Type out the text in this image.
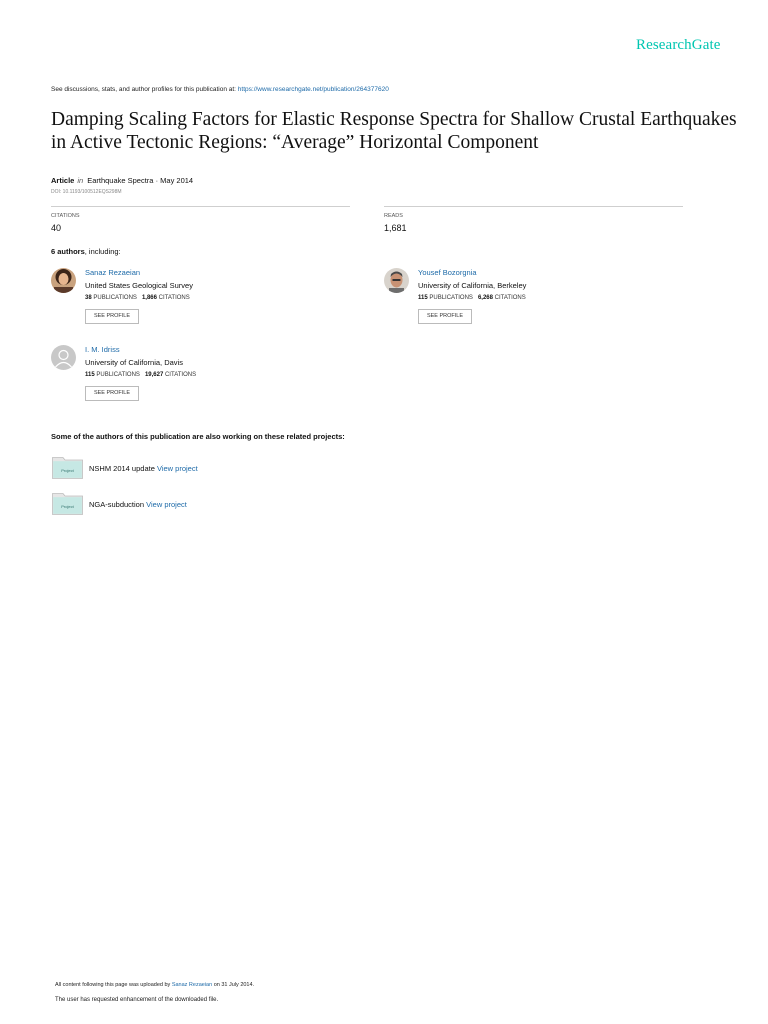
ResearchGate
See discussions, stats, and author profiles for this publication at: https://www.researchgate.net/publication/264377620
Damping Scaling Factors for Elastic Response Spectra for Shallow Crustal Earthquakes in Active Tectonic Regions: “Average” Horizontal Component
Article in Earthquake Spectra · May 2014
DOI: 10.1193/100512EQS298M
CITATIONS
40
READS
1,681
6 authors, including:
Sanaz Rezaeian
United States Geological Survey
38 PUBLICATIONS 1,866 CITATIONS
SEE PROFILE
Yousef Bozorgnia
University of California, Berkeley
115 PUBLICATIONS 6,268 CITATIONS
SEE PROFILE
I. M. Idriss
University of California, Davis
115 PUBLICATIONS 19,627 CITATIONS
SEE PROFILE
Some of the authors of this publication are also working on these related projects:
Project NSHM 2014 update View project
Project NGA-subduction View project
All content following this page was uploaded by Sanaz Rezaeian on 31 July 2014.
The user has requested enhancement of the downloaded file.
